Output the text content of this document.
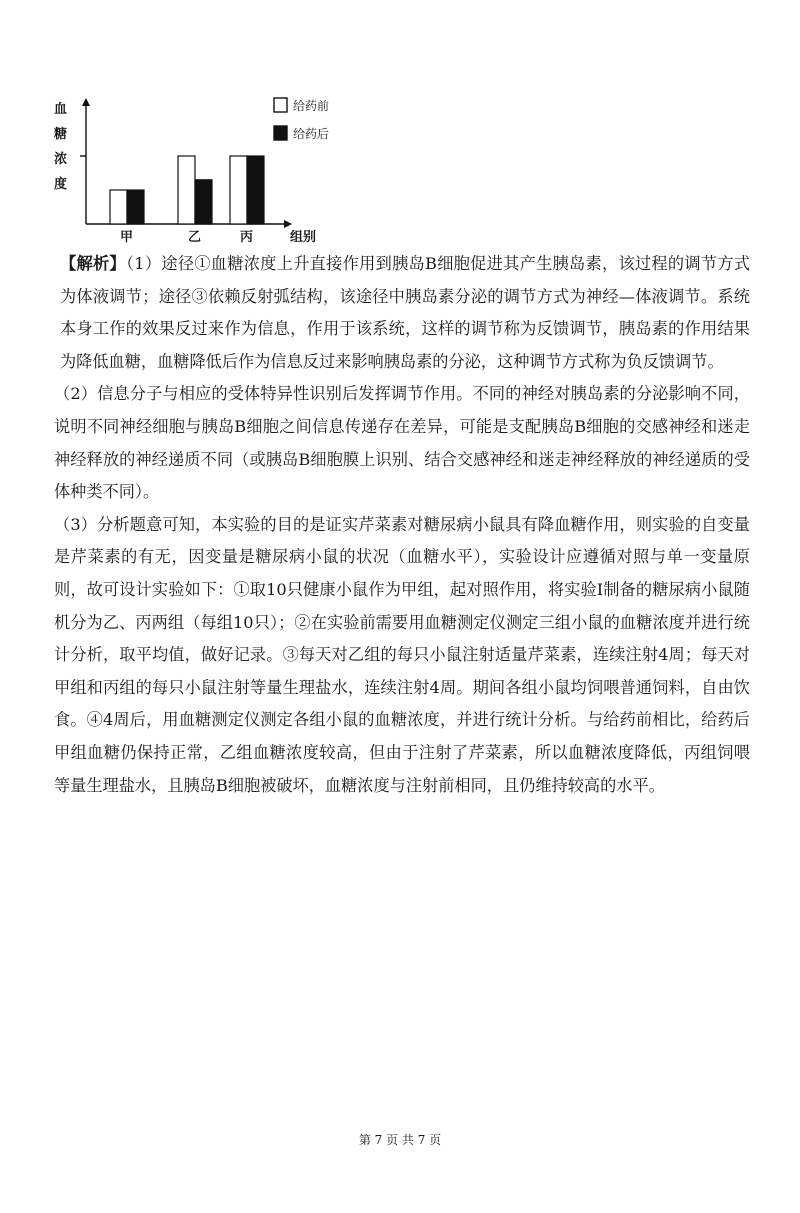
血
糖
浓
度
甲	乙	丙	组别
给药前
给药后

【解析】（1）途径①血糖浓度上升直接作用到胰岛B细胞促进其产生胰岛素，该过程的调节方式为体液调节；途径③依赖反射弧结构，该途径中胰岛素分泌的调节方式为神经—体液调节。系统本身工作的效果反过来作为信息，作用于该系统，这样的调节称为反馈调节，胰岛素的作用结果为降低血糖，血糖降低后作为信息反过来影响胰岛素的分泌，这种调节方式称为负反馈调节。

（2）信息分子与相应的受体特异性识别后发挥调节作用。不同的神经对胰岛素的分泌影响不同，说明不同神经细胞与胰岛B细胞之间信息传递存在差异，可能是支配胰岛B细胞的交感神经和迷走神经释放的神经递质不同（或胰岛B细胞膜上识别、结合交感神经和迷走神经释放的神经递质的受体种类不同）。

（3）分析题意可知，本实验的目的是证实芹菜素对糖尿病小鼠具有降血糖作用，则实验的自变量是芹菜素的有无，因变量是糖尿病小鼠的状况（血糖水平），实验设计应遵循对照与单一变量原则，故可设计实验如下：①取10只健康小鼠作为甲组，起对照作用，将实验Ⅰ制备的糖尿病小鼠随机分为乙、丙两组（每组10只）；②在实验前需要用血糖测定仪测定三组小鼠的血糖浓度并进行统计分析，取平均值，做好记录。③每天对乙组的每只小鼠注射适量芹菜素，连续注射4周；每天对甲组和丙组的每只小鼠注射等量生理盐水，连续注射4周。期间各组小鼠均饲喂普通饲料，自由饮食。④4周后，用血糖测定仪测定各组小鼠的血糖浓度，并进行统计分析。与给药前相比，给药后甲组血糖仍保持正常，乙组血糖浓度较高，但由于注射了芹菜素，所以血糖浓度降低，丙组饲喂等量生理盐水，且胰岛B细胞被破坏，血糖浓度与注射前相同，且仍维持较高的水平。

第 7 页 共 7 页
